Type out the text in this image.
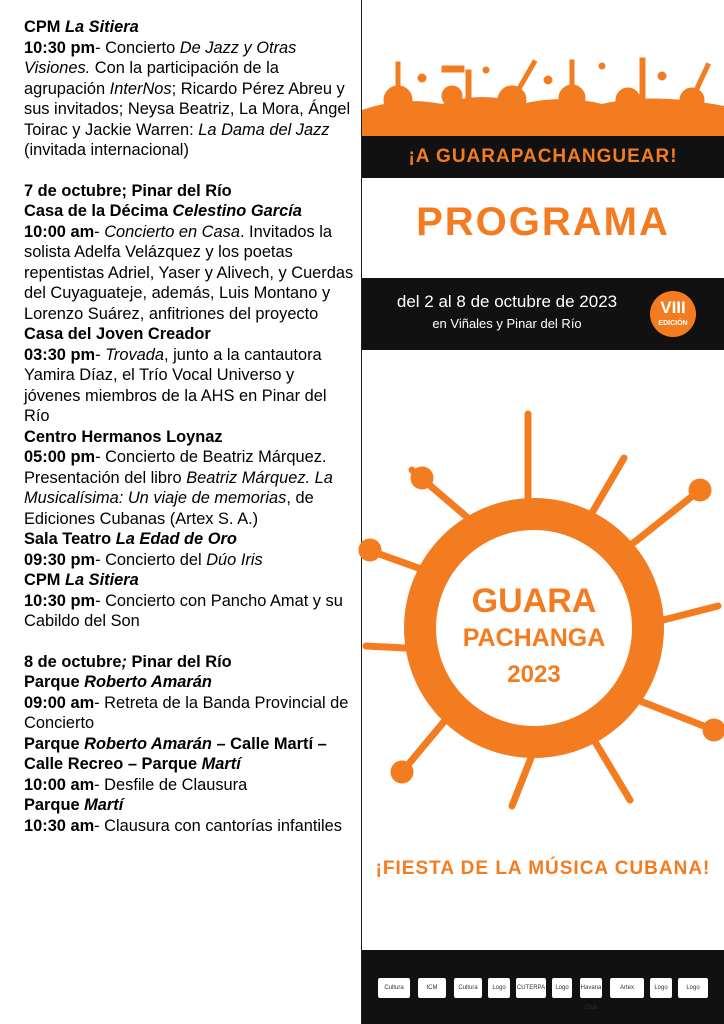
CPM La Sitiera

10:30 pm- Concierto De Jazz y Otras Visiones. Con la participación de la agrupación InterNos; Ricardo Pérez Abreu y sus invitados; Neysa Beatriz, La Mora, Ángel Toirac y Jackie Warren: La Dama del Jazz (invitada internacional)

7 de octubre; Pinar del Río

Casa de la Décima Celestino García

10:00 am- Concierto en Casa. Invitados la solista Adelfa Velázquez y los poetas repentistas Adriel, Yaser y Alivech, y Cuerdas del Cuyaguateje, además, Luis Montano y Lorenzo Suárez, anfitriones del proyecto

Casa del Joven Creador

03:30 pm- Trovada, junto a la cantautora Yamira Díaz, el Trío Vocal Universo y jóvenes miembros de la AHS en Pinar del Río

Centro Hermanos Loynaz

05:00 pm- Concierto de Beatriz Márquez. Presentación del libro Beatriz Márquez. La Musicalísima: Un viaje de memorias, de Ediciones Cubanas (Artex S. A.)

Sala Teatro La Edad de Oro

09:30 pm- Concierto del Dúo Iris

CPM La Sitiera

10:30 pm- Concierto con Pancho Amat y su Cabildo del Son

8 de octubre; Pinar del Río

Parque Roberto Amarán

09:00 am- Retreta de la Banda Provincial de Concierto

Parque Roberto Amarán – Calle Martí – Calle Recreo – Parque Martí

10:00 am- Desfile de Clausura

Parque Martí

10:30 am- Clausura con cantorías infantiles

¡A GUARAPACHANGUEAR!
PROGRAMA
del 2 al 8 de octubre de 2023
en Viñales y Pinar del Río
VIII
EDICIÓN
GUARA
PACHANGA
2023
¡FIESTA DE LA MÚSICA CUBANA!
Cultura	ICM	Cultura	Logo	CUTERPA	Logo	Havana Club
Artex	Logo	Logo
